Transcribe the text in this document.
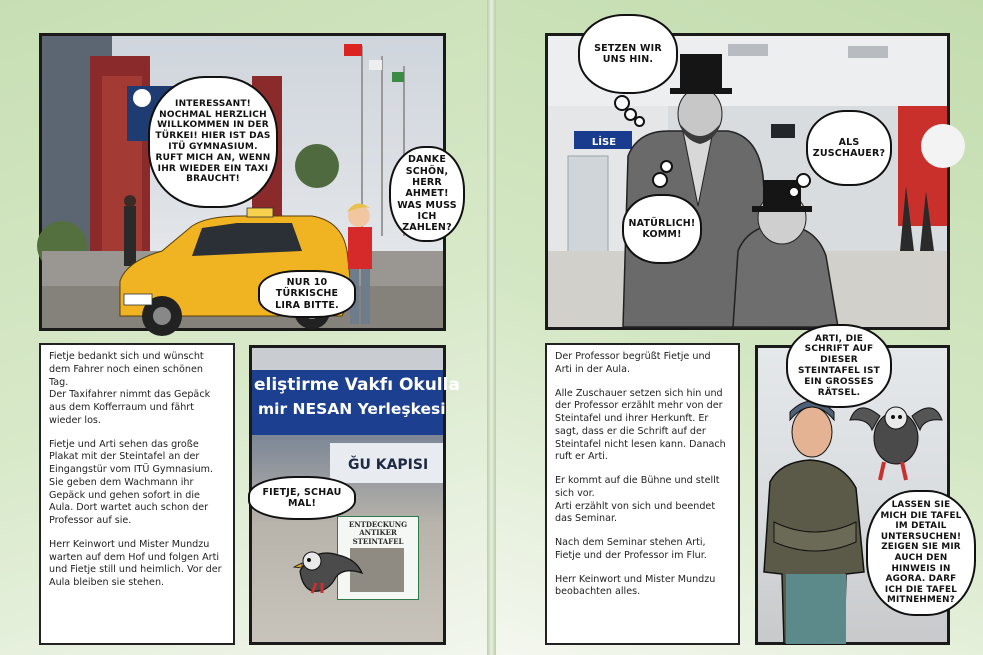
INTERESSANT! NOCHMAL HERZLICH WILLKOMMEN IN DER TÜRKEI! HIER IST DAS ITÜ GYMNASIUM. RUFT MICH AN, WENN IHR WIEDER EIN TAXI BRAUCHT!
DANKE SCHÖN, HERR AHMET! WAS MUSS ICH ZAHLEN?
NUR 10 TÜRKISCHE LIRA BITTE.

Fietje bedankt sich und wünscht dem Fahrer noch einen schönen Tag.
Der Taxifahrer nimmt das Gepäck aus dem Kofferraum und fährt wieder los.

Fietje und Arti sehen das große Plakat mit der Steintafel an der Eingangstür vom ITÜ Gymnasium. Sie geben dem Wachmann ihr Gepäck und gehen sofort in die Aula. Dort wartet auch schon der Professor auf sie.

Herr Keinwort und Mister Mundzu warten auf dem Hof und folgen Arti und Fietje still und heimlich. Vor der Aula bleiben sie stehen.

eliştirme Vakfı Okulla
mir NESAN Yerleşkesi
ĞU KAPISI
ENTDECKUNG ANTIKER STEINTAFEL
FIETJE, SCHAU MAL!
SETZEN WIR UNS HIN.
ALS ZUSCHAUER?
NATÜRLICH! KOMM!
LİSE

Der Professor begrüßt Fietje und Arti in der Aula.

Alle Zuschauer setzen sich hin und der Professor erzählt mehr von der Steintafel und ihrer Herkunft. Er sagt, dass er die Schrift auf der Steintafel nicht lesen kann. Danach ruft er Arti.

Er kommt auf die Bühne und stellt sich vor.
Arti erzählt von sich und beendet das Seminar.

Nach dem Seminar stehen Arti, Fietje und der Professor im Flur.

Herr Keinwort und Mister Mundzu beobachten alles.

ARTI, DIE SCHRIFT AUF DIESER STEINTAFEL IST EIN GROSSES RÄTSEL.
LASSEN SIE MICH DIE TAFEL IM DETAIL UNTERSUCHEN! ZEIGEN SIE MIR AUCH DEN HINWEIS IN AGORA. DARF ICH DIE TAFEL MITNEHMEN?
